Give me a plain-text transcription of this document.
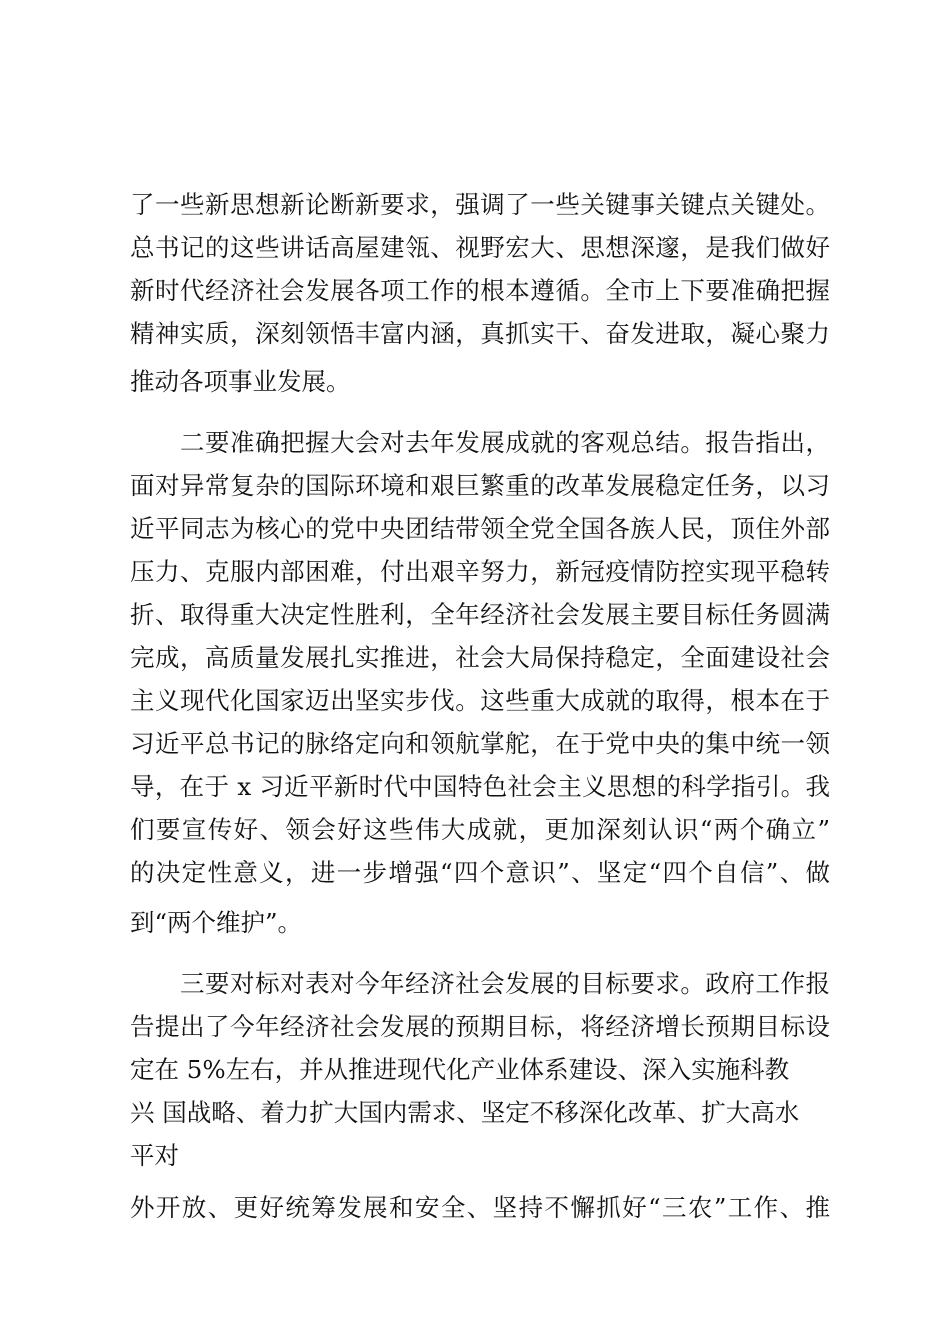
了一些新思想新论断新要求，强调了一些关键事关键点关键处。
总书记的这些讲话高屋建瓴、视野宏大、思想深邃，是我们做好
新时代经济社会发展各项工作的根本遵循。全市上下要准确把握
精神实质，深刻领悟丰富内涵，真抓实干、奋发进取，凝心聚力
推动各项事业发展。
二要准确把握大会对去年发展成就的客观总结。报告指出，
面对异常复杂的国际环境和艰巨繁重的改革发展稳定任务，以习
近平同志为核心的党中央团结带领全党全国各族人民，顶住外部
压力、克服内部困难，付出艰辛努力，新冠疫情防控实现平稳转
折、取得重大决定性胜利，全年经济社会发展主要目标任务圆满
完成，高质量发展扎实推进，社会大局保持稳定，全面建设社会
主义现代化国家迈出坚实步伐。这些重大成就的取得，根本在于
习近平总书记的脉络定向和领航掌舵，在于党中央的集中统一领
导，在于 x 习近平新时代中国特色社会主义思想的科学指引。我
们要宣传好、领会好这些伟大成就，更加深刻认识“两个确立”
的决定性意义，进一步增强“四个意识”、坚定“四个自信”、做
到“两个维护”。
三要对标对表对今年经济社会发展的目标要求。政府工作报
告提出了今年经济社会发展的预期目标，将经济增长预期目标设
定在 5%左右，并从推进现代化产业体系建设、深入实施科教
兴 国战略、着力扩大国内需求、坚定不移深化改革、扩大高水
平对
外开放、更好统筹发展和安全、坚持不懈抓好“三农”工作、推
